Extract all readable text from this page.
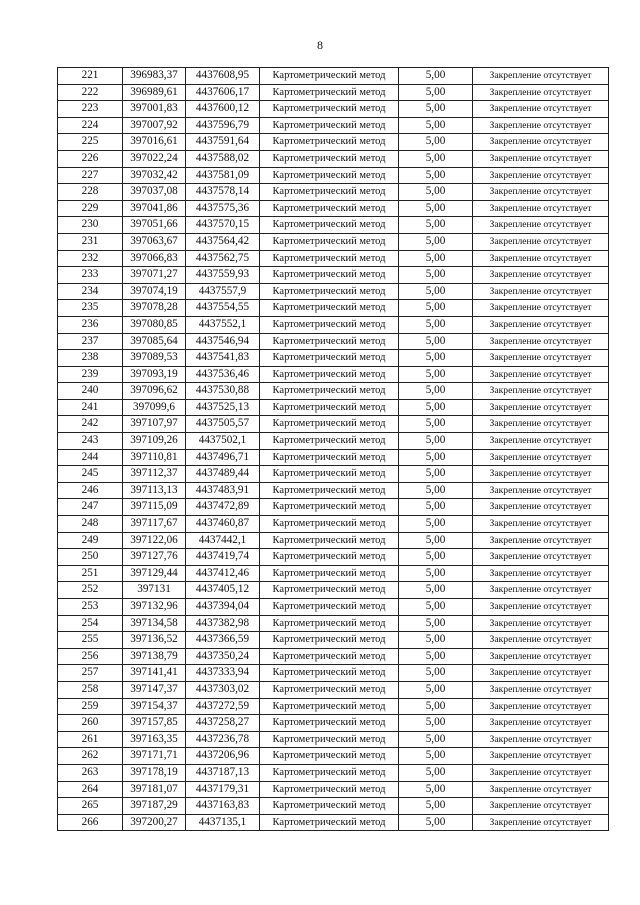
8
221	396983,37	4437608,95	Картометрический метод	5,00	Закрепление отсутствует
222	396989,61	4437606,17	Картометрический метод	5,00	Закрепление отсутствует
223	397001,83	4437600,12	Картометрический метод	5,00	Закрепление отсутствует
224	397007,92	4437596,79	Картометрический метод	5,00	Закрепление отсутствует
225	397016,61	4437591,64	Картометрический метод	5,00	Закрепление отсутствует
226	397022,24	4437588,02	Картометрический метод	5,00	Закрепление отсутствует
227	397032,42	4437581,09	Картометрический метод	5,00	Закрепление отсутствует
228	397037,08	4437578,14	Картометрический метод	5,00	Закрепление отсутствует
229	397041,86	4437575,36	Картометрический метод	5,00	Закрепление отсутствует
230	397051,66	4437570,15	Картометрический метод	5,00	Закрепление отсутствует
231	397063,67	4437564,42	Картометрический метод	5,00	Закрепление отсутствует
232	397066,83	4437562,75	Картометрический метод	5,00	Закрепление отсутствует
233	397071,27	4437559,93	Картометрический метод	5,00	Закрепление отсутствует
234	397074,19	4437557,9	Картометрический метод	5,00	Закрепление отсутствует
235	397078,28	4437554,55	Картометрический метод	5,00	Закрепление отсутствует
236	397080,85	4437552,1	Картометрический метод	5,00	Закрепление отсутствует
237	397085,64	4437546,94	Картометрический метод	5,00	Закрепление отсутствует
238	397089,53	4437541,83	Картометрический метод	5,00	Закрепление отсутствует
239	397093,19	4437536,46	Картометрический метод	5,00	Закрепление отсутствует
240	397096,62	4437530,88	Картометрический метод	5,00	Закрепление отсутствует
241	397099,6	4437525,13	Картометрический метод	5,00	Закрепление отсутствует
242	397107,97	4437505,57	Картометрический метод	5,00	Закрепление отсутствует
243	397109,26	4437502,1	Картометрический метод	5,00	Закрепление отсутствует
244	397110,81	4437496,71	Картометрический метод	5,00	Закрепление отсутствует
245	397112,37	4437489,44	Картометрический метод	5,00	Закрепление отсутствует
246	397113,13	4437483,91	Картометрический метод	5,00	Закрепление отсутствует
247	397115,09	4437472,89	Картометрический метод	5,00	Закрепление отсутствует
248	397117,67	4437460,87	Картометрический метод	5,00	Закрепление отсутствует
249	397122,06	4437442,1	Картометрический метод	5,00	Закрепление отсутствует
250	397127,76	4437419,74	Картометрический метод	5,00	Закрепление отсутствует
251	397129,44	4437412,46	Картометрический метод	5,00	Закрепление отсутствует
252	397131	4437405,12	Картометрический метод	5,00	Закрепление отсутствует
253	397132,96	4437394,04	Картометрический метод	5,00	Закрепление отсутствует
254	397134,58	4437382,98	Картометрический метод	5,00	Закрепление отсутствует
255	397136,52	4437366,59	Картометрический метод	5,00	Закрепление отсутствует
256	397138,79	4437350,24	Картометрический метод	5,00	Закрепление отсутствует
257	397141,41	4437333,94	Картометрический метод	5,00	Закрепление отсутствует
258	397147,37	4437303,02	Картометрический метод	5,00	Закрепление отсутствует
259	397154,37	4437272,59	Картометрический метод	5,00	Закрепление отсутствует
260	397157,85	4437258,27	Картометрический метод	5,00	Закрепление отсутствует
261	397163,35	4437236,78	Картометрический метод	5,00	Закрепление отсутствует
262	397171,71	4437206,96	Картометрический метод	5,00	Закрепление отсутствует
263	397178,19	4437187,13	Картометрический метод	5,00	Закрепление отсутствует
264	397181,07	4437179,31	Картометрический метод	5,00	Закрепление отсутствует
265	397187,29	4437163,83	Картометрический метод	5,00	Закрепление отсутствует
266	397200,27	4437135,1	Картометрический метод	5,00	Закрепление отсутствует
